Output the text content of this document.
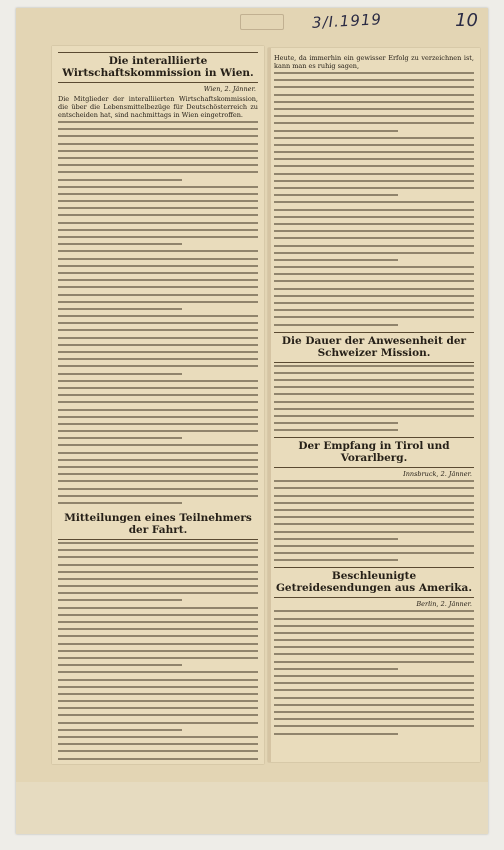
3/I.1919	10
Die interalliierte Wirtschaftskommission in Wien.
Wien, 2. Jänner.
Die Mitglieder der interalliierten Wirtschaftskommission, die über die Lebensmittelbezüge für Deutschösterreich zu entscheiden hat, sind nachmittags in Wien eingetroffen.
Mitteilungen eines Teilnehmers der Fahrt.
Heute, da immerhin ein gewisser Erfolg zu verzeichnen ist, kann man es ruhig sagen,
Die Dauer der Anwesenheit der Schweizer Mission.
Der Empfang in Tirol und Vorarlberg.
Innsbruck, 2. Jänner.
Beschleunigte Getreidesendungen aus Amerika.
Berlin, 2. Jänner.
